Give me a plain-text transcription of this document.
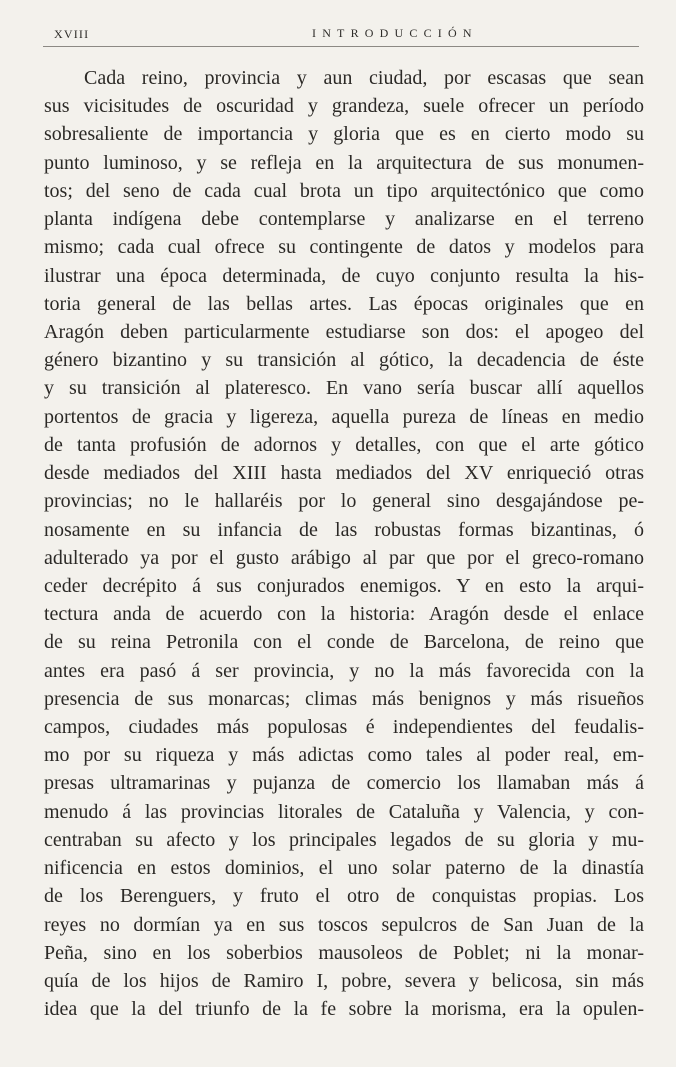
XVIII	INTRODUCCIÓN
Cada reino, provincia y aun ciudad, por escasas que sean
sus vicisitudes de oscuridad y grandeza, suele ofrecer un período
sobresaliente de importancia y gloria que es en cierto modo su
punto luminoso, y se refleja en la arquitectura de sus monumen-
tos; del seno de cada cual brota un tipo arquitectónico que como
planta indígena debe contemplarse y analizarse en el terreno
mismo; cada cual ofrece su contingente de datos y modelos para
ilustrar una época determinada, de cuyo conjunto resulta la his-
toria general de las bellas artes. Las épocas originales que en
Aragón deben particularmente estudiarse son dos: el apogeo del
género bizantino y su transición al gótico, la decadencia de éste
y su transición al plateresco. En vano sería buscar allí aquellos
portentos de gracia y ligereza, aquella pureza de líneas en medio
de tanta profusión de adornos y detalles, con que el arte gótico
desde mediados del XIII hasta mediados del XV enriqueció otras
provincias; no le hallaréis por lo general sino desgajándose pe-
nosamente en su infancia de las robustas formas bizantinas, ó
adulterado ya por el gusto arábigo al par que por el greco-romano
ceder decrépito á sus conjurados enemigos. Y en esto la arqui-
tectura anda de acuerdo con la historia: Aragón desde el enlace
de su reina Petronila con el conde de Barcelona, de reino que
antes era pasó á ser provincia, y no la más favorecida con la
presencia de sus monarcas; climas más benignos y más risueños
campos, ciudades más populosas é independientes del feudalis-
mo por su riqueza y más adictas como tales al poder real, em-
presas ultramarinas y pujanza de comercio los llamaban más á
menudo á las provincias litorales de Cataluña y Valencia, y con-
centraban su afecto y los principales legados de su gloria y mu-
nificencia en estos dominios, el uno solar paterno de la dinastía
de los Berenguers, y fruto el otro de conquistas propias. Los
reyes no dormían ya en sus toscos sepulcros de San Juan de la
Peña, sino en los soberbios mausoleos de Poblet; ni la monar-
quía de los hijos de Ramiro I, pobre, severa y belicosa, sin más
idea que la del triunfo de la fe sobre la morisma, era la opulen-
